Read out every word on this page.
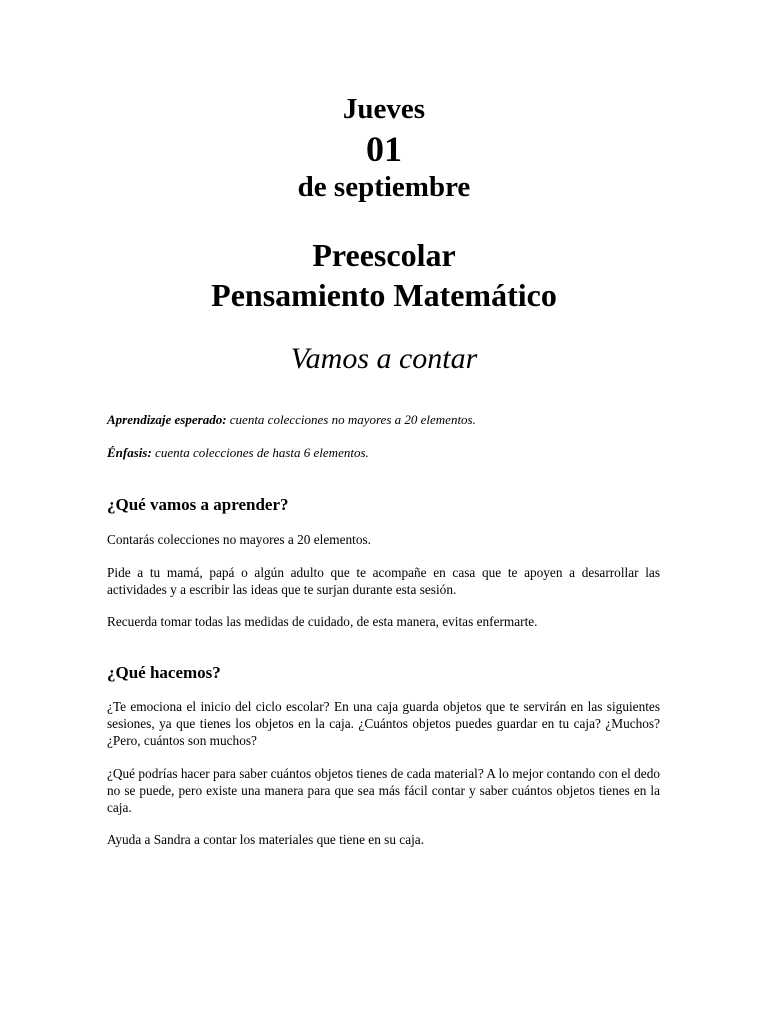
Jueves
01
de septiembre
Preescolar
Pensamiento Matemático
Vamos a contar
Aprendizaje esperado: cuenta colecciones no mayores a 20 elementos.
Énfasis: cuenta colecciones de hasta 6 elementos.
¿Qué vamos a aprender?
Contarás colecciones no mayores a 20 elementos.
Pide a tu mamá, papá o algún adulto que te acompañe en casa que te apoyen a desarrollar las actividades y a escribir las ideas que te surjan durante esta sesión.
Recuerda tomar todas las medidas de cuidado, de esta manera, evitas enfermarte.
¿Qué hacemos?
¿Te emociona el inicio del ciclo escolar? En una caja guarda objetos que te servirán en las siguientes sesiones, ya que tienes los objetos en la caja. ¿Cuántos objetos puedes guardar en tu caja? ¿Muchos? ¿Pero, cuántos son muchos?
¿Qué podrías hacer para saber cuántos objetos tienes de cada material? A lo mejor contando con el dedo no se puede, pero existe una manera para que sea más fácil contar y saber cuántos objetos tienes en la caja.
Ayuda a Sandra a contar los materiales que tiene en su caja.
